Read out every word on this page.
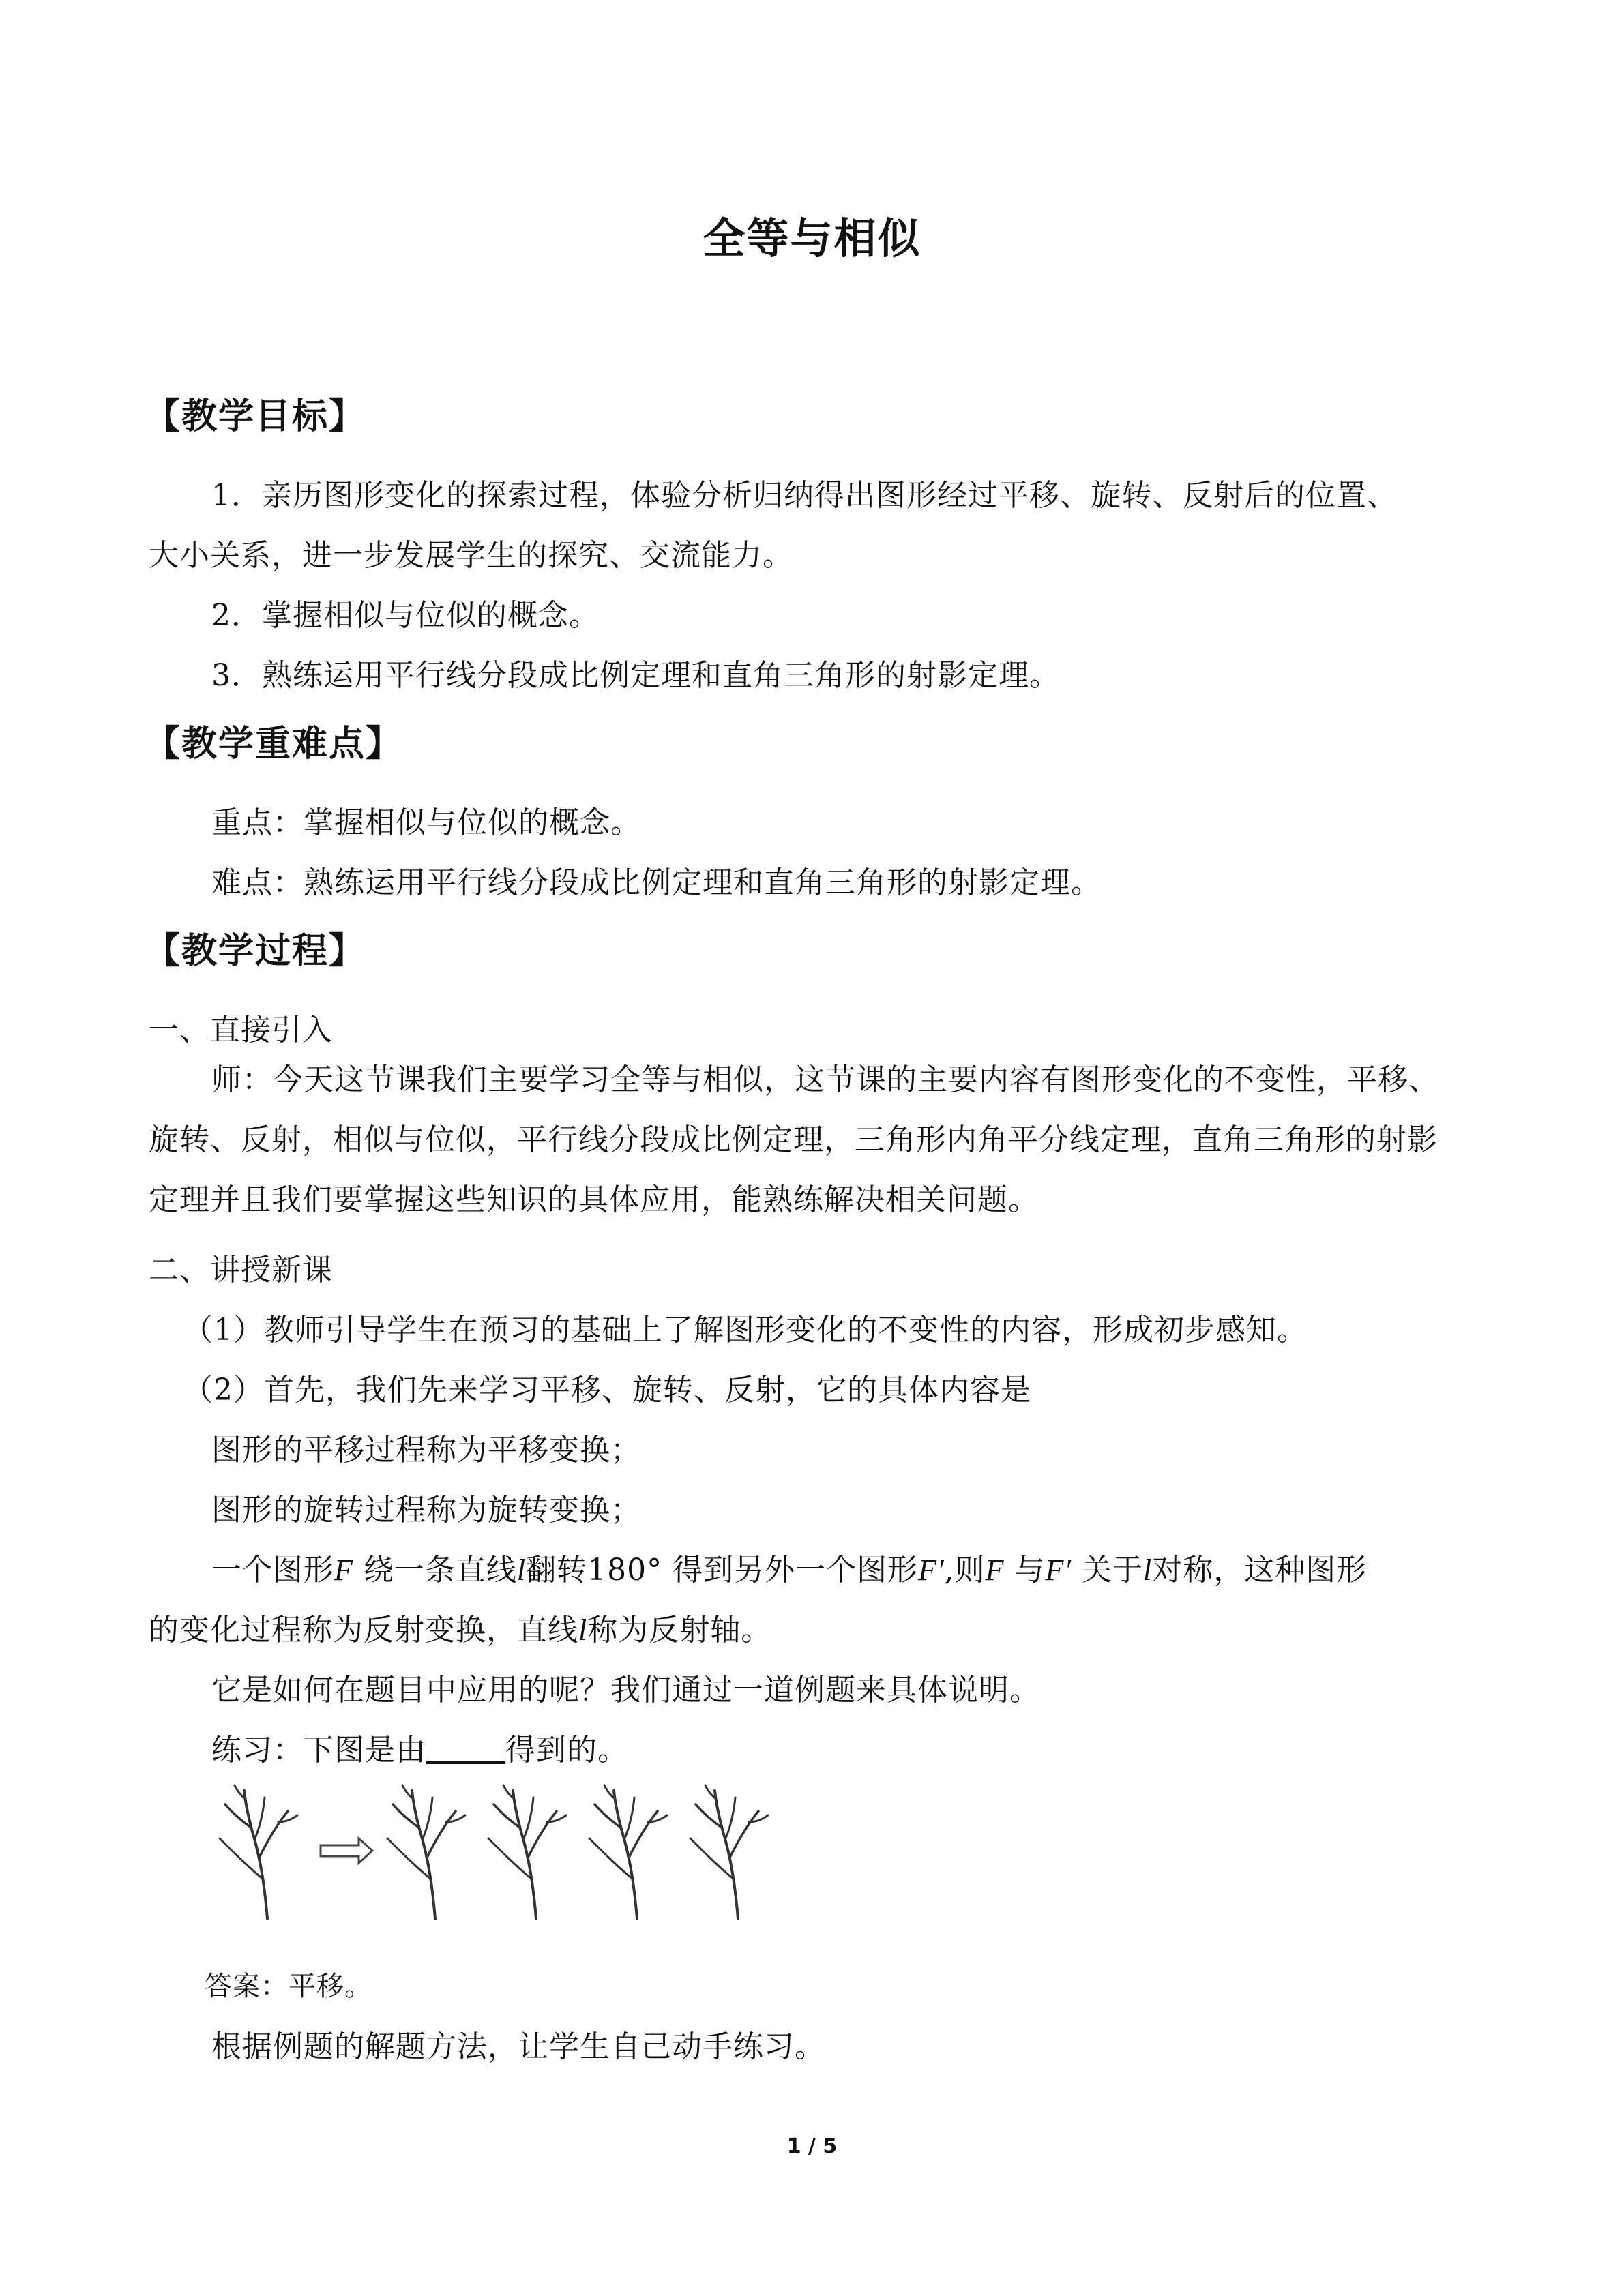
全等与相似
【教学目标】
1．亲历图形变化的探索过程，体验分析归纳得出图形经过平移、旋转、反射后的位置、
大小关系，进一步发展学生的探究、交流能力。
2．掌握相似与位似的概念。
3．熟练运用平行线分段成比例定理和直角三角形的射影定理。
【教学重难点】
重点：掌握相似与位似的概念。
难点：熟练运用平行线分段成比例定理和直角三角形的射影定理。
【教学过程】
一、直接引入
师：今天这节课我们主要学习全等与相似，这节课的主要内容有图形变化的不变性，平移、旋转、反射，相似与位似，平行线分段成比例定理，三角形内角平分线定理，直角三角形的射影定理并且我们要掌握这些知识的具体应用，能熟练解决相关问题。
二、讲授新课
（1）教师引导学生在预习的基础上了解图形变化的不变性的内容，形成初步感知。
（2）首先，我们先来学习平移、旋转、反射，它的具体内容是
图形的平移过程称为平移变换；
图形的旋转过程称为旋转变换；
一个图形F 绕一条直线l翻转180° 得到另外一个图形F′,则F 与F′ 关于l对称，这种图形
的变化过程称为反射变换，直线l称为反射轴。
它是如何在题目中应用的呢？我们通过一道例题来具体说明。
练习：下图是由	得到的。
答案：平移。
根据例题的解题方法，让学生自己动手练习。
1 / 5
